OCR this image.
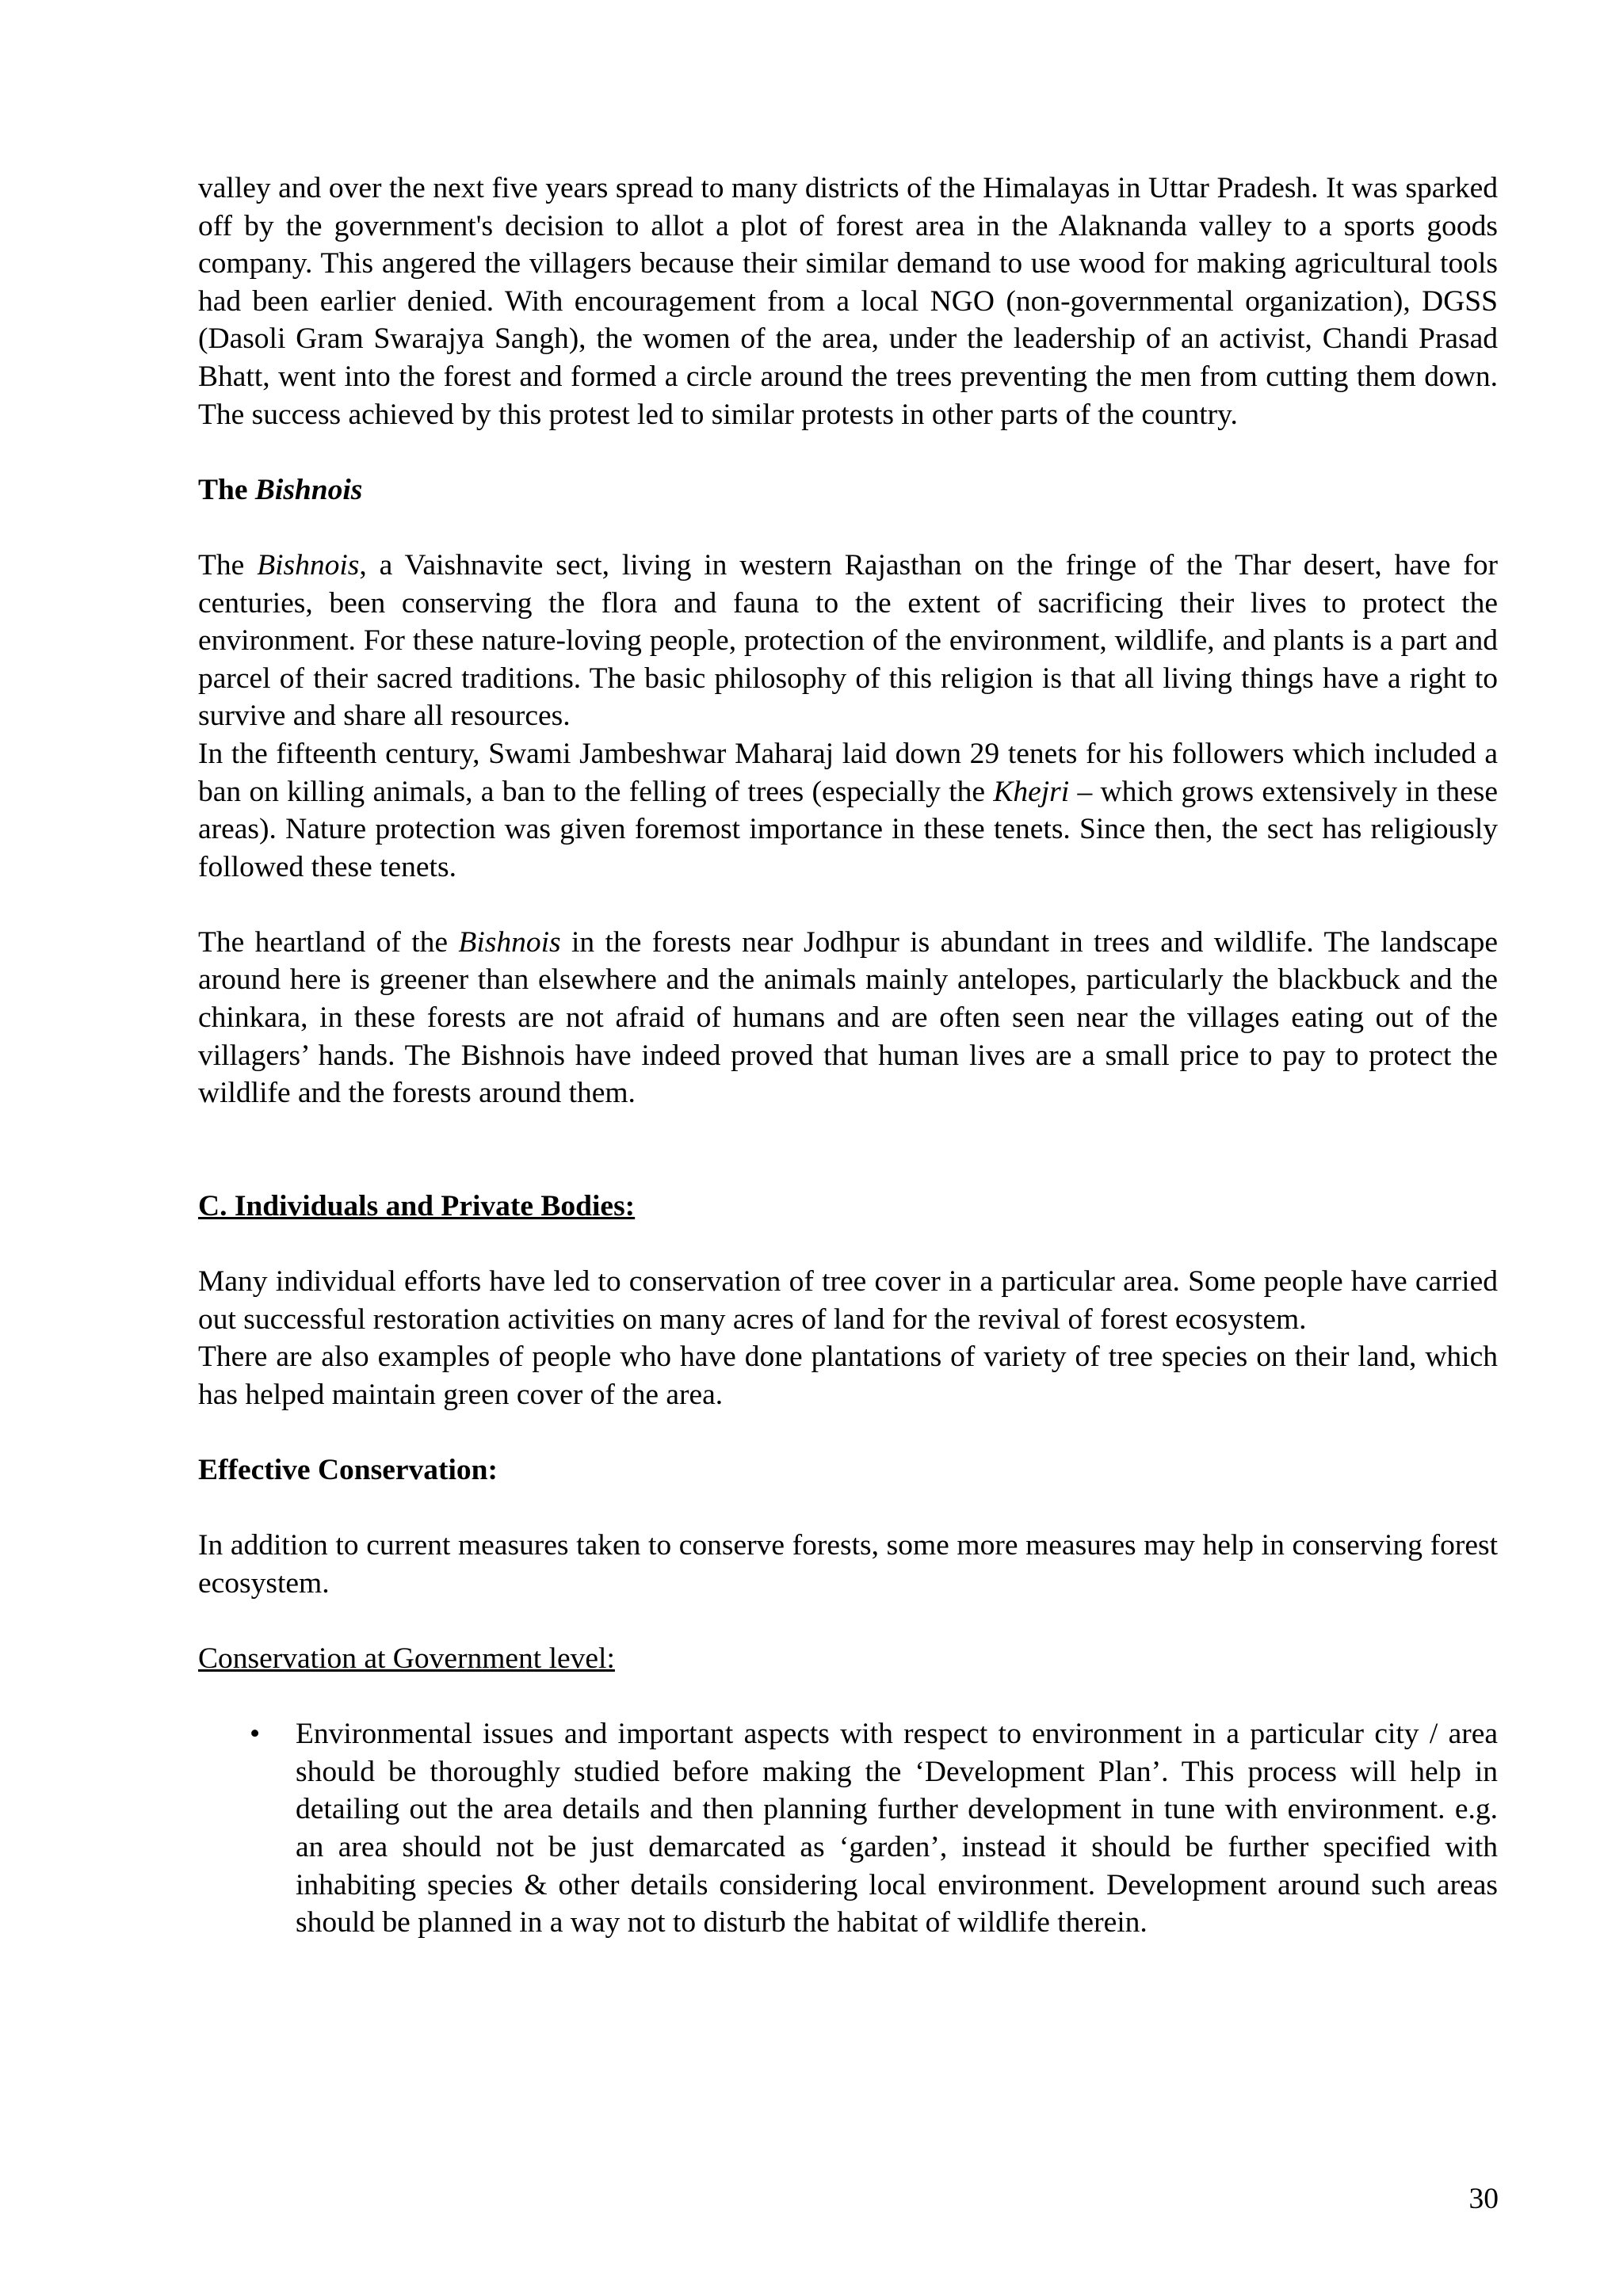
valley and over the next five years spread to many districts of the Himalayas in Uttar Pradesh. It was sparked off by the government's decision to allot a plot of forest area in the Alaknanda valley to a sports goods company. This angered the villagers because their similar demand to use wood for making agricultural tools had been earlier denied. With encouragement from a local NGO (non-governmental organization), DGSS (Dasoli Gram Swarajya Sangh), the women of the area, under the leadership of an activist, Chandi Prasad Bhatt, went into the forest and formed a circle around the trees preventing the men from cutting them down. The success achieved by this protest led to similar protests in other parts of the country.

The Bishnois

The Bishnois, a Vaishnavite sect, living in western Rajasthan on the fringe of the Thar desert, have for centuries, been conserving the flora and fauna to the extent of sacrificing their lives to protect the environment. For these nature-loving people, protection of the environment, wildlife, and plants is a part and parcel of their sacred traditions. The basic philosophy of this religion is that all living things have a right to survive and share all resources.

In the fifteenth century, Swami Jambeshwar Maharaj laid down 29 tenets for his followers which included a ban on killing animals, a ban to the felling of trees (especially the Khejri – which grows extensively in these areas). Nature protection was given foremost importance in these tenets. Since then, the sect has religiously followed these tenets.

The heartland of the Bishnois in the forests near Jodhpur is abundant in trees and wildlife. The landscape around here is greener than elsewhere and the animals mainly antelopes, particularly the blackbuck and the chinkara, in these forests are not afraid of humans and are often seen near the villages eating out of the villagers’ hands. The Bishnois have indeed proved that human lives are a small price to pay to protect the wildlife and the forests around them.

C. Individuals and Private Bodies:

Many individual efforts have led to conservation of tree cover in a particular area. Some people have carried out successful restoration activities on many acres of land for the revival of forest ecosystem.

There are also examples of people who have done plantations of variety of tree species on their land, which has helped maintain green cover of the area.

Effective Conservation:

In addition to current measures taken to conserve forests, some more measures may help in conserving forest ecosystem.

Conservation at Government level:

• Environmental issues and important aspects with respect to environment in a particular city / area should be thoroughly studied before making the ‘Development Plan’. This process will help in detailing out the area details and then planning further development in tune with environment. e.g. an area should not be just demarcated as ‘garden’, instead it should be further specified with inhabiting species & other details considering local environment. Development around such areas should be planned in a way not to disturb the habitat of wildlife therein.
30
